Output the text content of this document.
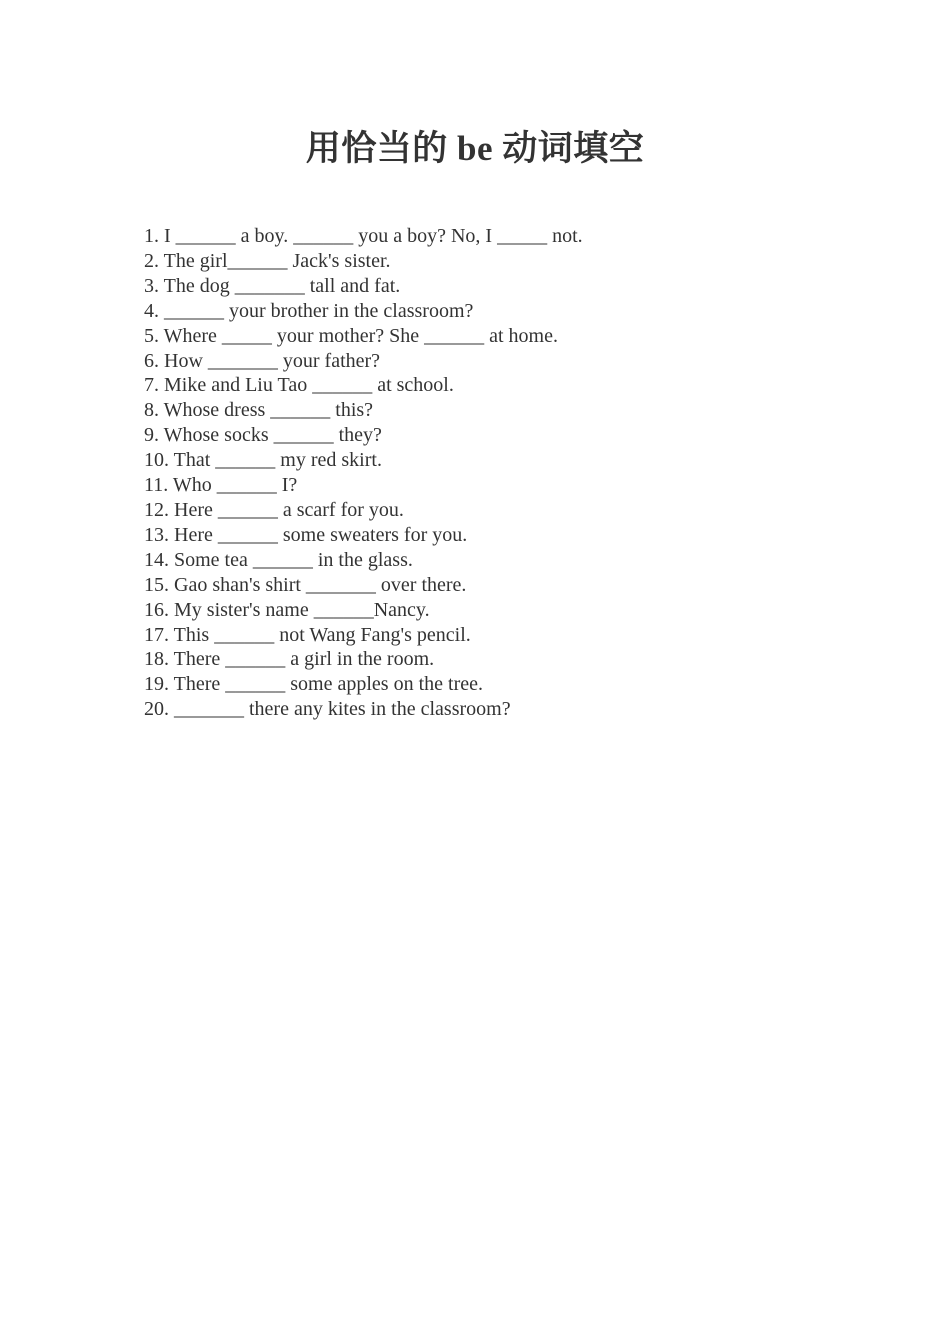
用恰当的 be 动词填空
1. I ______ a boy. ______ you a boy? No, I _____ not.
2. The girl______ Jack's sister.
3. The dog _______ tall and fat.
4. ______ your brother in the classroom?
5. Where _____ your mother? She ______ at home.
6. How _______ your father?
7. Mike and Liu Tao ______ at school.
8. Whose dress ______ this?
9. Whose socks ______ they?
10. That ______ my red skirt.
11. Who ______ I?
12. Here ______ a scarf for you.
13. Here ______ some sweaters for you.
14. Some tea ______ in the glass.
15. Gao shan's shirt _______ over there.
16. My sister's name ______Nancy.
17. This ______ not Wang Fang's pencil.
18. There ______ a girl in the room.
19. There ______ some apples on the tree.
20. _______ there any kites in the classroom?
